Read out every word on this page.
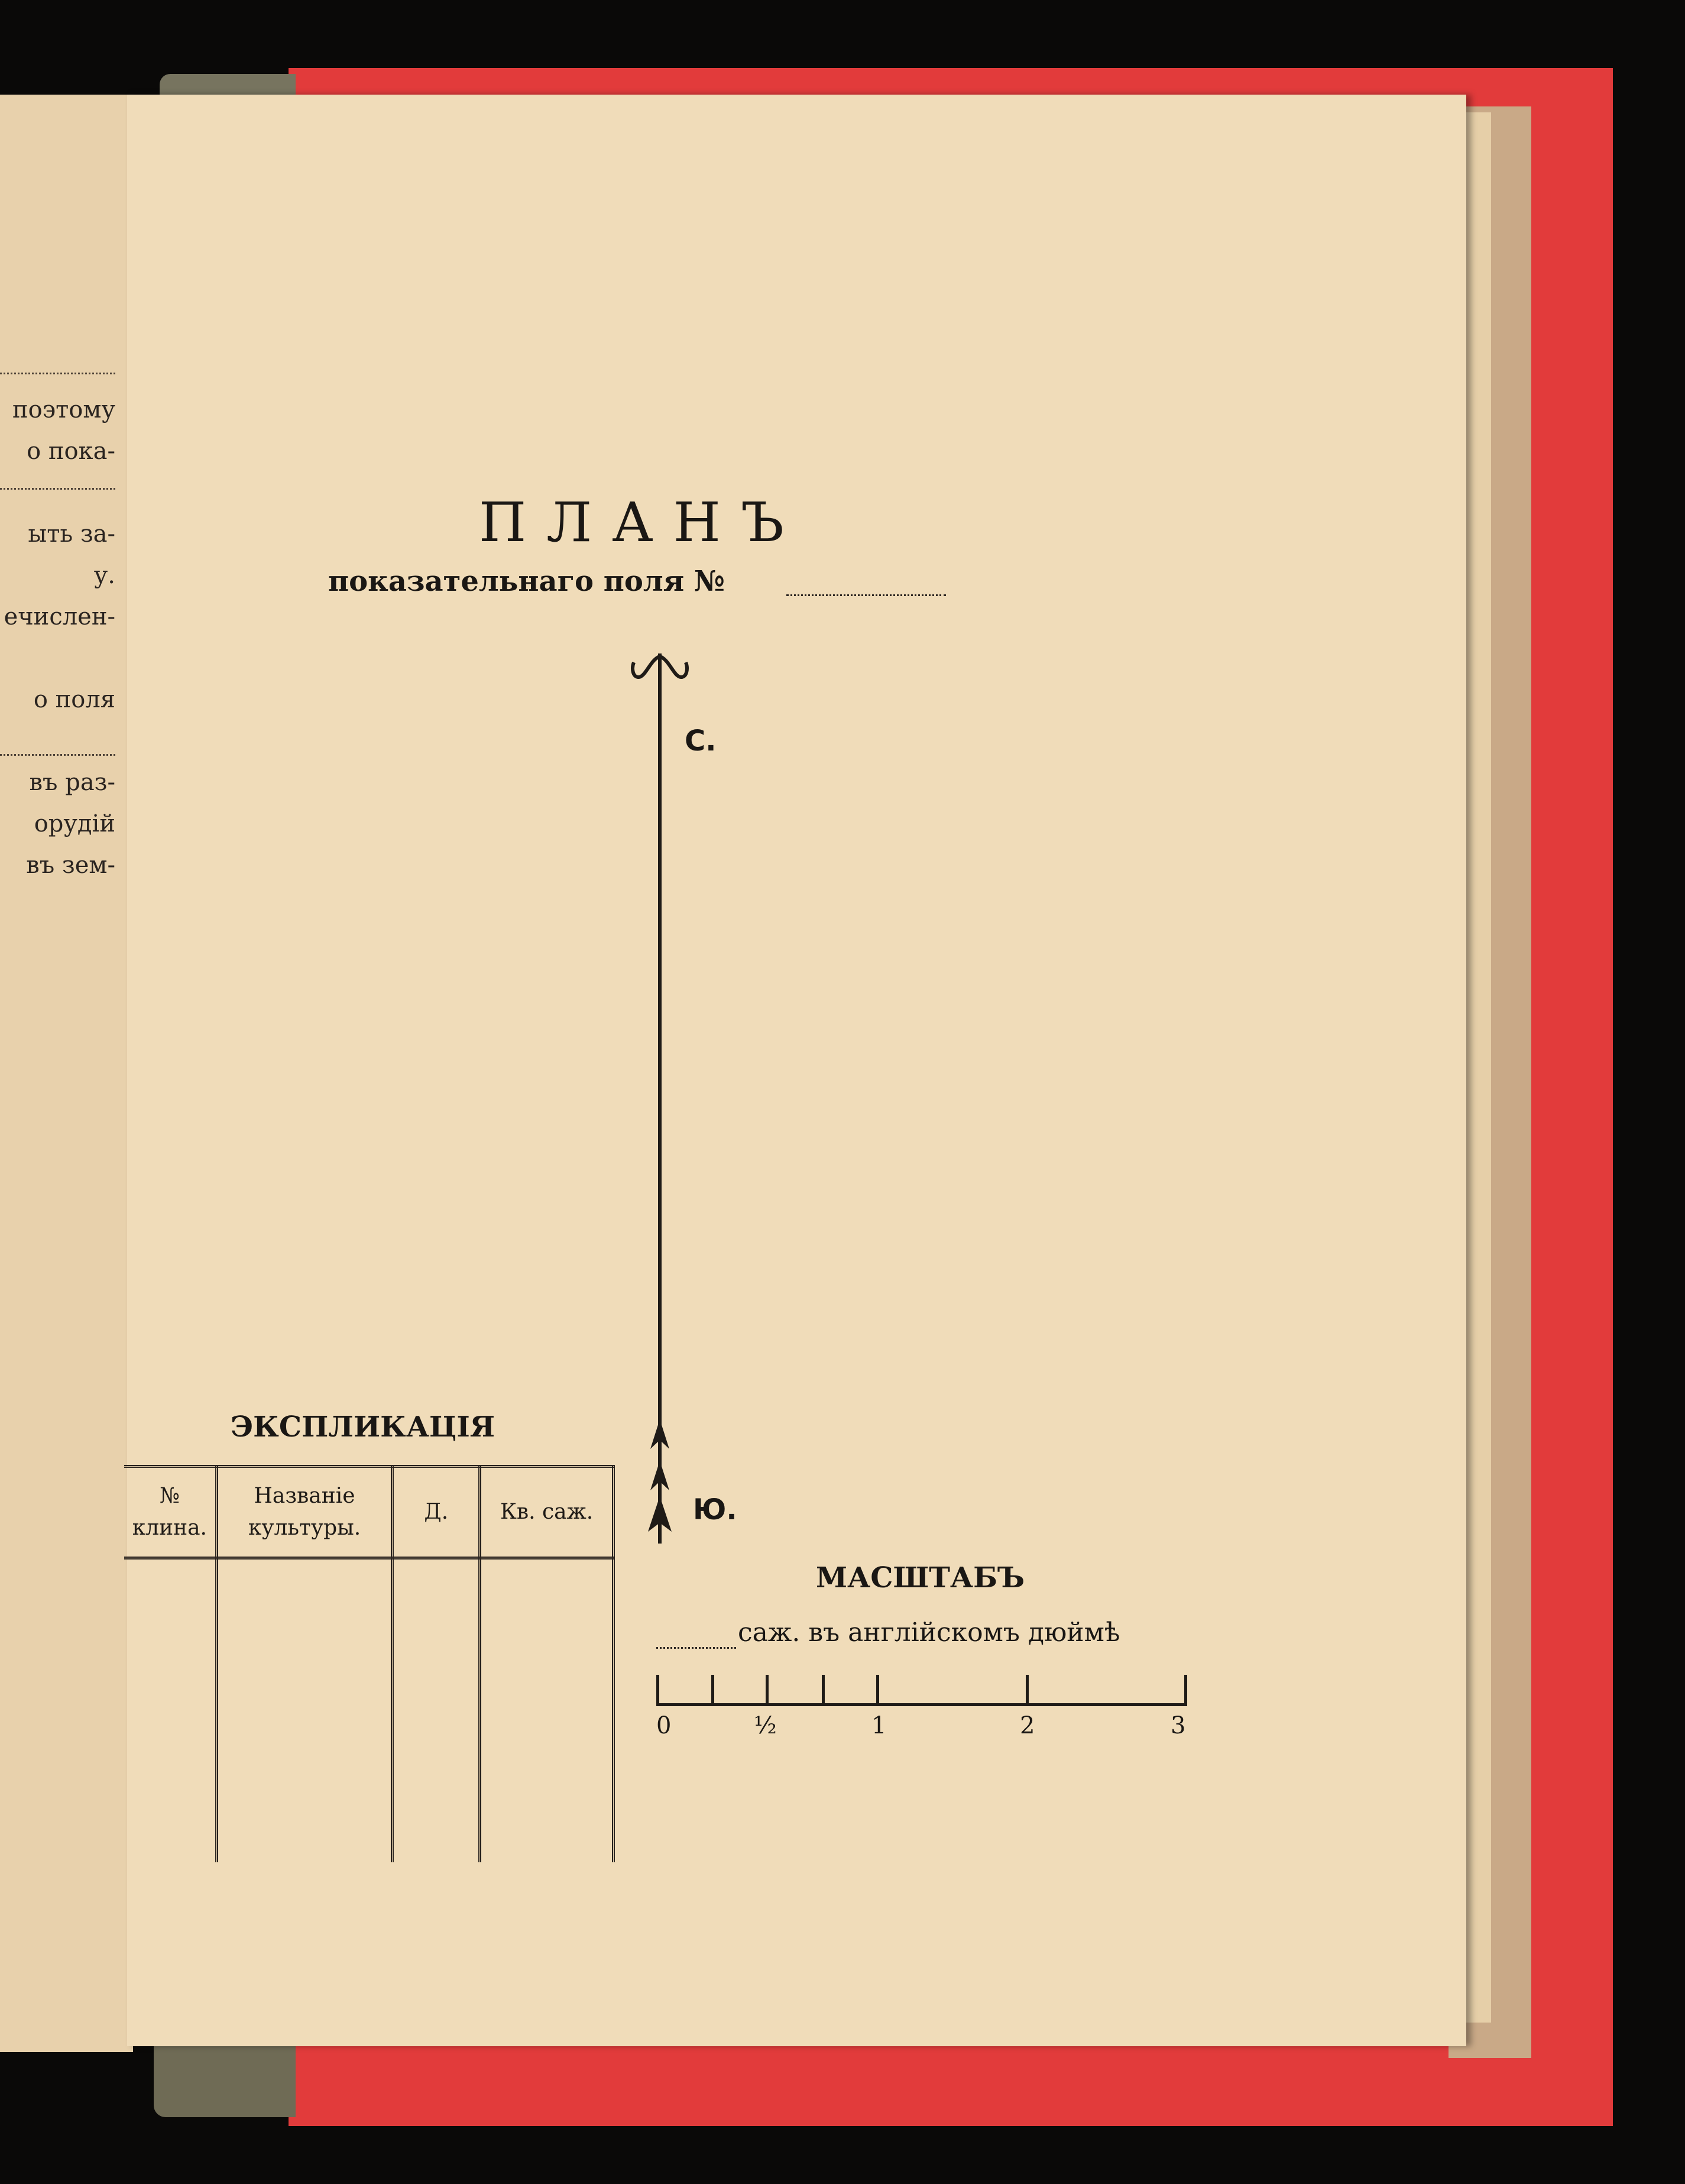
поэтому
о пока-
ыть за-
у.
ечислен-
о поля
въ раз-
орудій
въ зем-
ПЛАНЪ
показательнаго поля №
С.
Ю.
ЭКСПЛИКАЦІЯ
№ клина.	Названіе культуры.	Д.	Кв. саж.

МАСШТАБЪ
саж. въ англійскомъ дюймѣ
0	½	1	2	3
